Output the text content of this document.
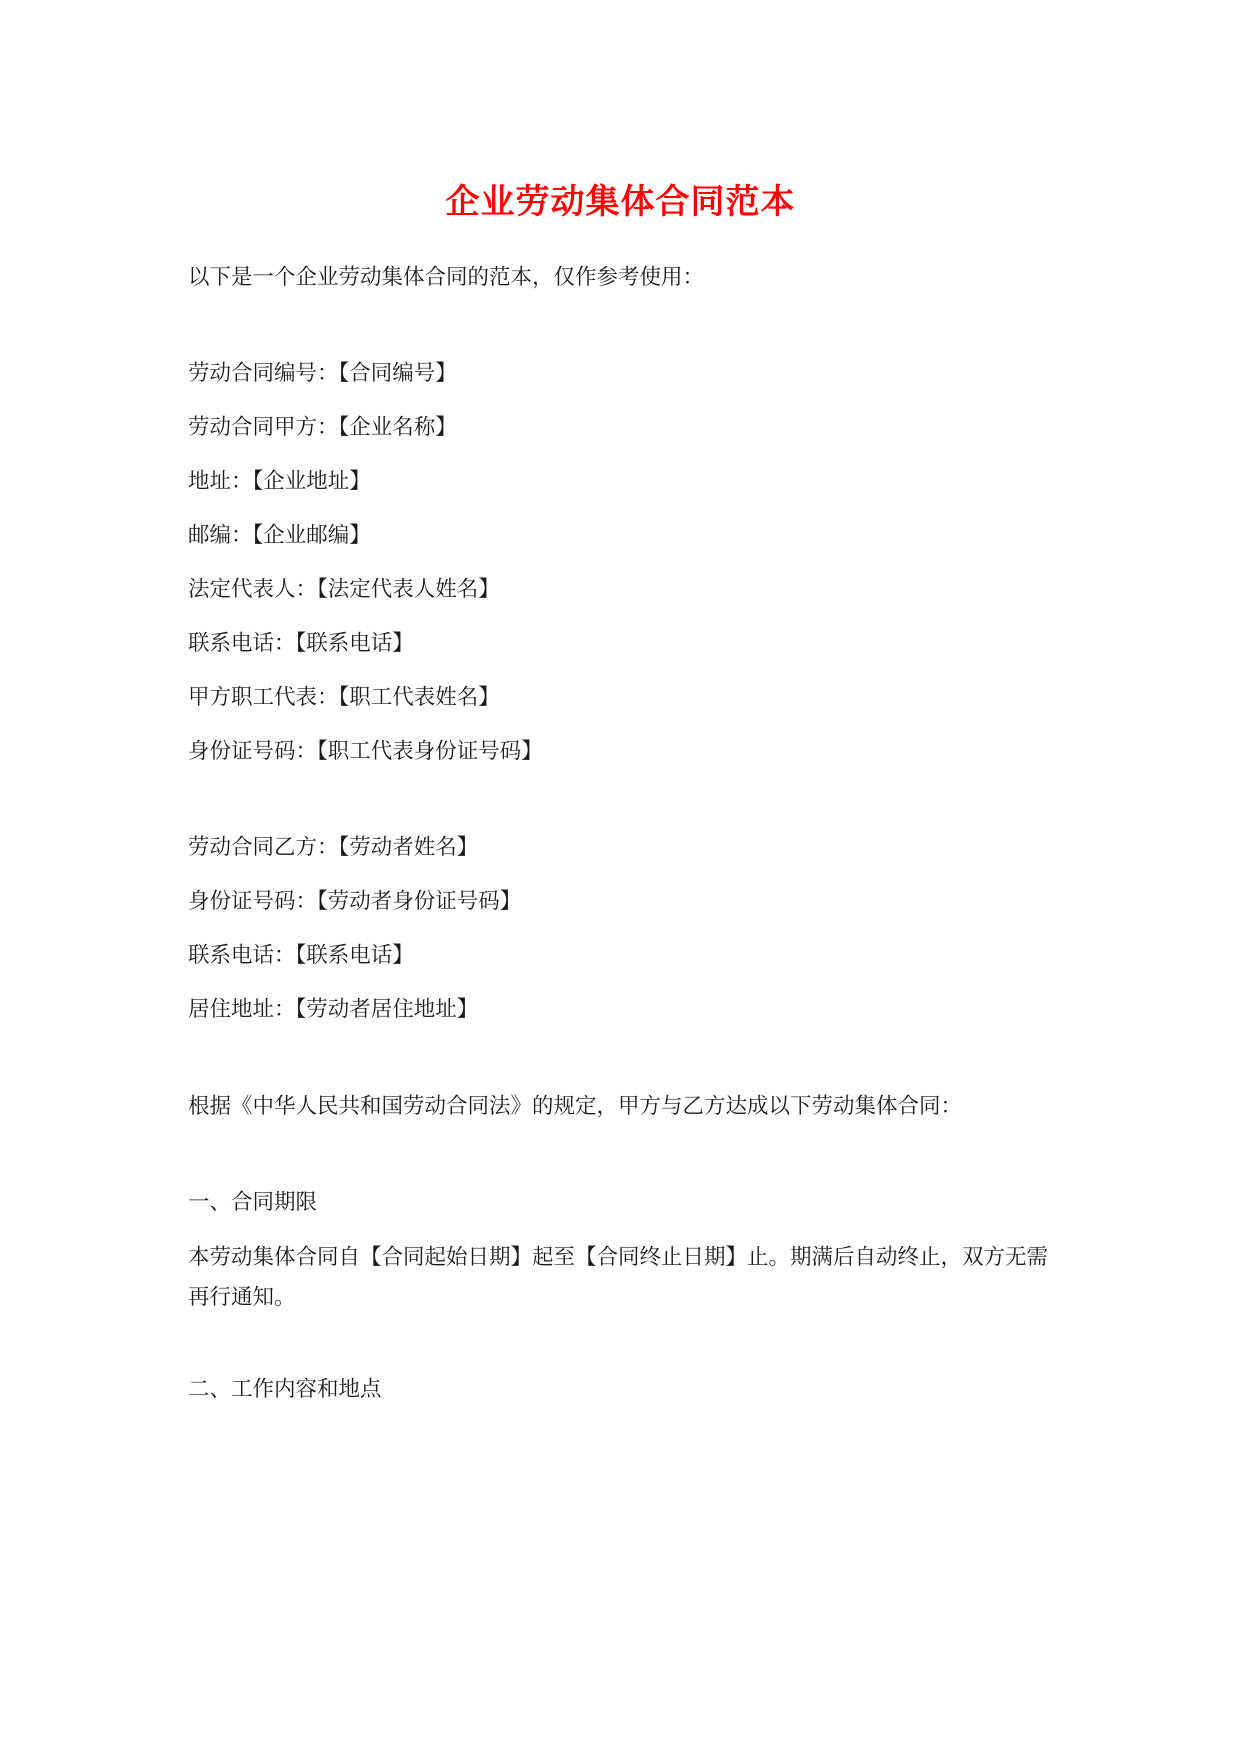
企业劳动集体合同范本
以下是一个企业劳动集体合同的范本，仅作参考使用：
劳动合同编号：【合同编号】
劳动合同甲方：【企业名称】
地址：【企业地址】
邮编：【企业邮编】
法定代表人：【法定代表人姓名】
联系电话：【联系电话】
甲方职工代表：【职工代表姓名】
身份证号码：【职工代表身份证号码】
劳动合同乙方：【劳动者姓名】
身份证号码：【劳动者身份证号码】
联系电话：【联系电话】
居住地址：【劳动者居住地址】
根据《中华人民共和国劳动合同法》的规定，甲方与乙方达成以下劳动集体合同：
一、合同期限
本劳动集体合同自【合同起始日期】起至【合同终止日期】止。期满后自动终止，双方无需再行通知。
二、工作内容和地点
